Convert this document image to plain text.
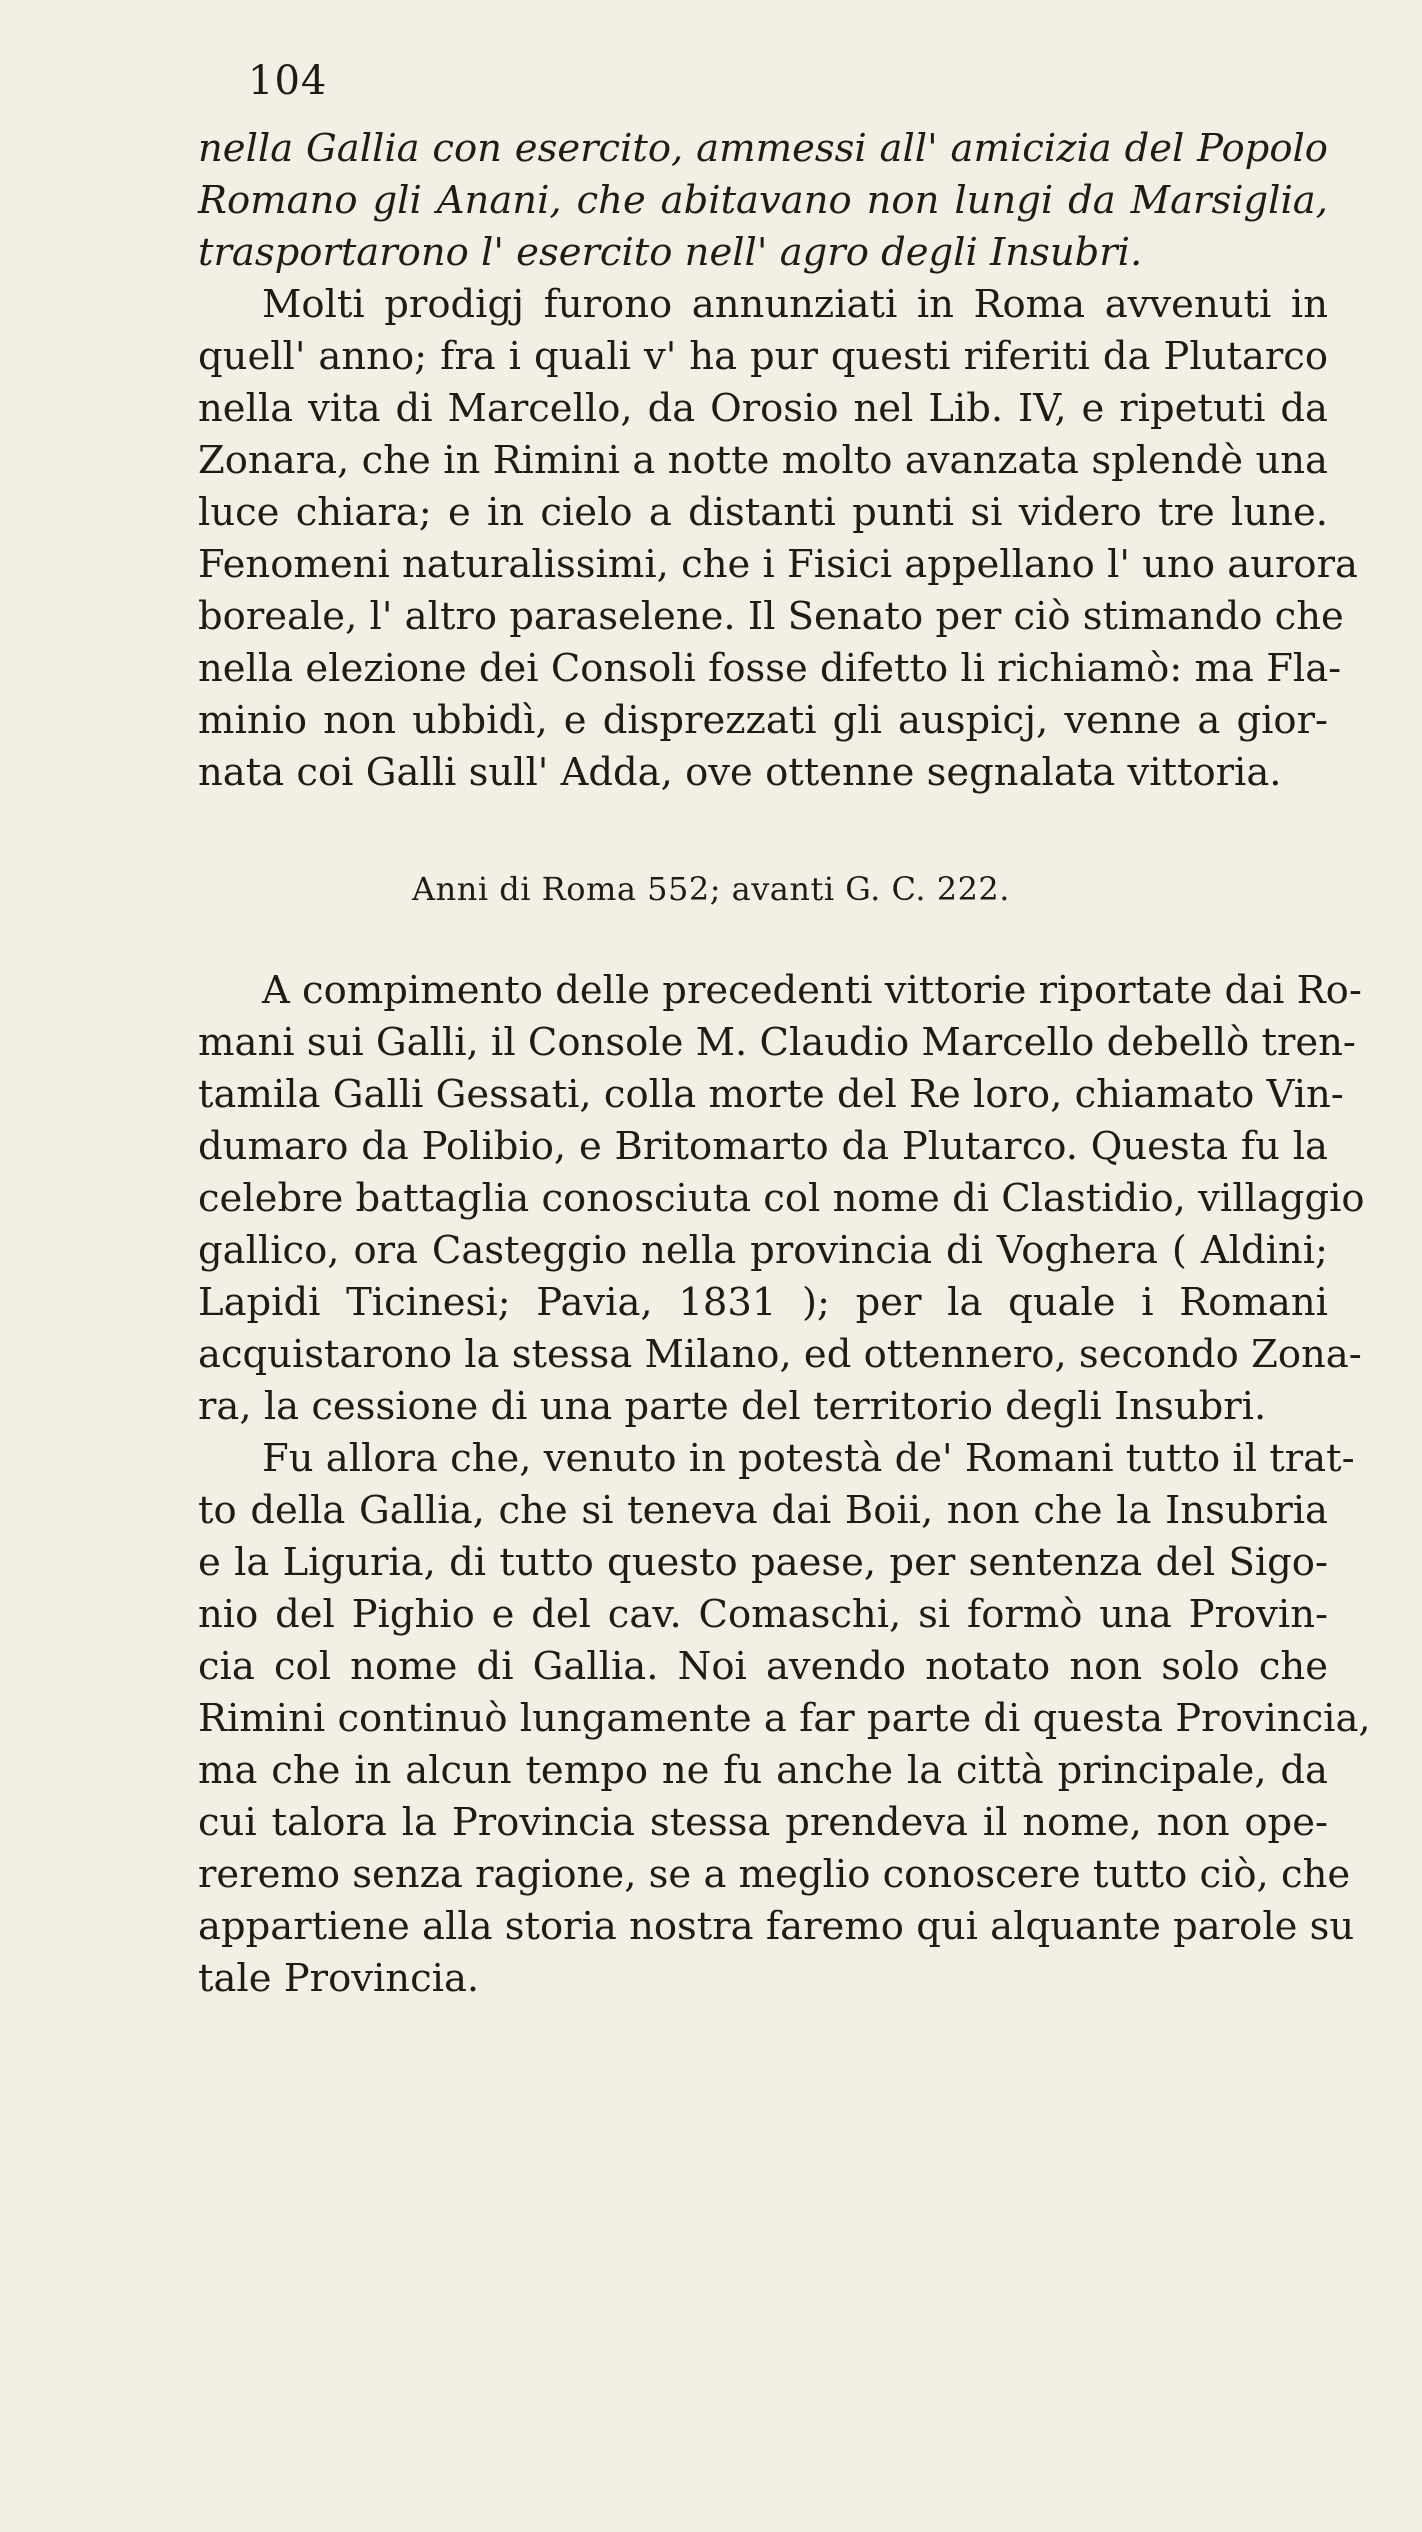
104
nella Gallia con esercito, ammessi all' amicizia del Popolo
Romano gli Anani, che abitavano non lungi da Marsiglia,
trasportarono l' esercito nell' agro degli Insubri.
Molti prodigj furono annunziati in Roma avvenuti in
quell' anno; fra i quali v' ha pur questi riferiti da Plutarco
nella vita di Marcello, da Orosio nel Lib. IV, e ripetuti da
Zonara, che in Rimini a notte molto avanzata splendè una
luce chiara; e in cielo a distanti punti si videro tre lune.
Fenomeni naturalissimi, che i Fisici appellano l' uno aurora
boreale, l' altro paraselene. Il Senato per ciò stimando che
nella elezione dei Consoli fosse difetto li richiamò: ma Fla-
minio non ubbidì, e disprezzati gli auspicj, venne a gior-
nata coi Galli sull' Adda, ove ottenne segnalata vittoria.
Anni di Roma 552; avanti G. C. 222.
A compimento delle precedenti vittorie riportate dai Ro-
mani sui Galli, il Console M. Claudio Marcello debellò tren-
tamila Galli Gessati, colla morte del Re loro, chiamato Vin-
dumaro da Polibio, e Britomarto da Plutarco. Questa fu la
celebre battaglia conosciuta col nome di Clastidio, villaggio
gallico, ora Casteggio nella provincia di Voghera ( Aldini;
Lapidi Ticinesi; Pavia, 1831 ); per la quale i Romani
acquistarono la stessa Milano, ed ottennero, secondo Zona-
ra, la cessione di una parte del territorio degli Insubri.
Fu allora che, venuto in potestà de' Romani tutto il trat-
to della Gallia, che si teneva dai Boii, non che la Insubria
e la Liguria, di tutto questo paese, per sentenza del Sigo-
nio del Pighio e del cav. Comaschi, si formò una Provin-
cia col nome di Gallia. Noi avendo notato non solo che
Rimini continuò lungamente a far parte di questa Provincia,
ma che in alcun tempo ne fu anche la città principale, da
cui talora la Provincia stessa prendeva il nome, non ope-
reremo senza ragione, se a meglio conoscere tutto ciò, che
appartiene alla storia nostra faremo qui alquante parole su
tale Provincia.
